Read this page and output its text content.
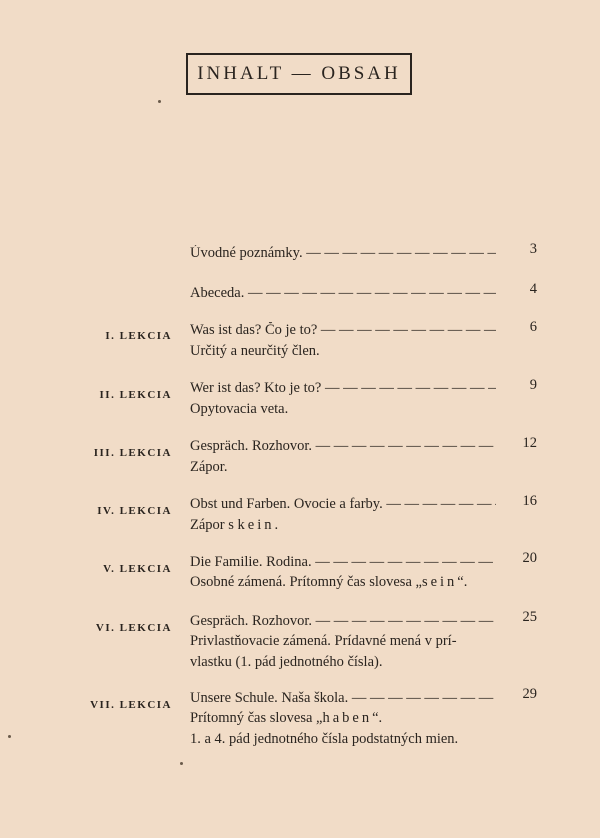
INHALT — OBSAH
Úvodné poznámky. — —	3
Abeceda. — —	4
I. LEKCIA Was ist das? Čo je to? — —	6
Určitý a neurčitý člen.
II. LEKCIA Wer ist das? Kto je to? — —	9
Opytovacia veta.
III. LEKCIA Gespräch. Rozhovor. — —	12
Zápor.
IV. LEKCIA Obst und Farben. Ovocie a farby. — —	16
Zápor s kein.
V. LEKCIA Die Familie. Rodina. — —	20
Osobné zámená. Prítomný čas slovesa „sein“.
VI. LEKCIA Gespräch. Rozhovor. — —	25
Privlastňovacie zámená. Prídavné mená v prí-
vlastku (1. pád jednotného čísla).
VII. LEKCIA Unsere Schule. Naša škola. — —	29
Prítomný čas slovesa „haben“.
1. a 4. pád jednotného čísla podstatných mien.
